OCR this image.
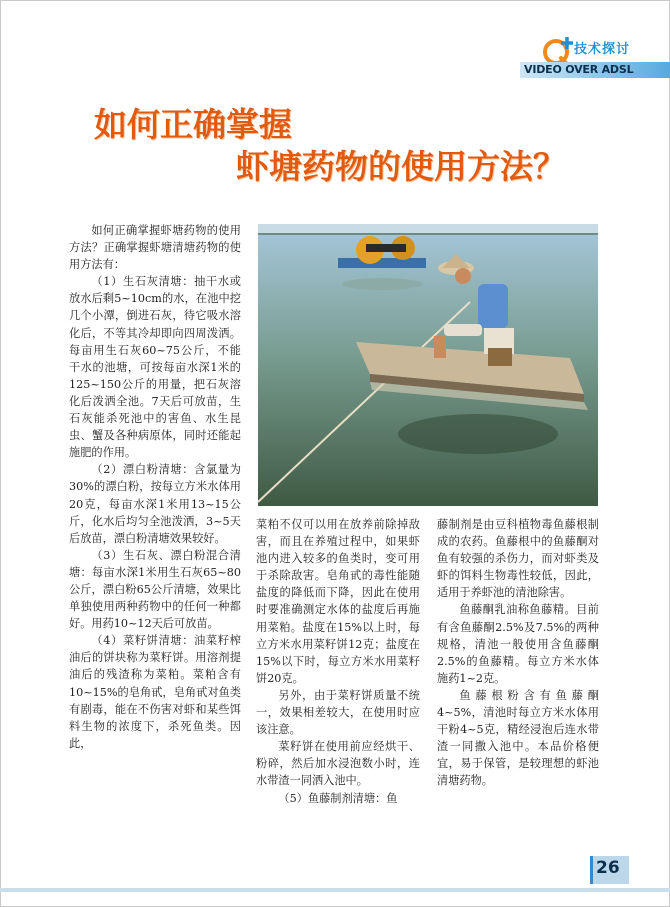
技术探讨
VIDEO OVER ADSL
如何正确掌握
虾塘药物的使用方法？

如何正确掌握虾塘药物的使用方法？正确掌握虾塘清塘药物的使用方法有：

（1）生石灰清塘：抽干水或放水后剩5~10cm的水，在池中挖几个小潭，倒进石灰，待它吸水溶化后，不等其冷却即向四周泼洒。每亩用生石灰60~75公斤，不能干水的池塘，可按每亩水深1米的125~150公斤的用量，把石灰溶化后泼洒全池。7天后可放苗，生石灰能杀死池中的害鱼、水生昆虫、蟹及各种病原体，同时还能起施肥的作用。

（2）漂白粉清塘：含氯量为30%的漂白粉，按每立方米水体用20克，每亩水深1米用13~15公斤，化水后均匀全池泼洒，3~5天后放苗，漂白粉清塘效果较好。

（3）生石灰、漂白粉混合清塘：每亩水深1米用生石灰65~80公斤，漂白粉65公斤清塘，效果比单独使用两种药物中的任何一种都好。用药10~12天后可放苗。

（4）菜籽饼清塘：油菜籽榨油后的饼块称为菜籽饼。用溶剂提油后的残渣称为菜粕。菜粕含有10~15%的皂角甙，皂角甙对鱼类有剧毒，能在不伤害对虾和某些饵料生物的浓度下，杀死鱼类。因此，

菜粕不仅可以用在放养前除掉敌害，而且在养殖过程中，如果虾池内进入较多的鱼类时，变可用于杀除敌害。皂角甙的毒性能随盐度的降低而下降，因此在使用时要准确测定水体的盐度后再施用菜粕。盐度在15%以上时，每立方米水用菜籽饼12克；盐度在15%以下时，每立方米水用菜籽饼20克。

另外，由于菜籽饼质量不统一，效果相差较大，在使用时应该注意。

菜籽饼在使用前应经烘干、粉碎，然后加水浸泡数小时，连水带渣一同洒入池中。

（5）鱼藤制剂清塘：鱼

藤制剂是由豆科植物毒鱼藤根制成的农药。鱼藤根中的鱼藤酮对鱼有较强的杀伤力，而对虾类及虾的饵料生物毒性较低，因此，适用于养虾池的清池除害。

鱼藤酮乳油称鱼藤精。目前有含鱼藤酮2.5%及7.5%的两种规格，清池一般使用含鱼藤酮2.5%的鱼藤精。每立方米水体施药1~2克。

鱼藤根粉含有鱼藤酮4~5%，清池时每立方米水体用干粉4~5克，精经浸泡后连水带渣一同撒入池中。本品价格便宜，易于保管，是较理想的虾池清塘药物。

26
